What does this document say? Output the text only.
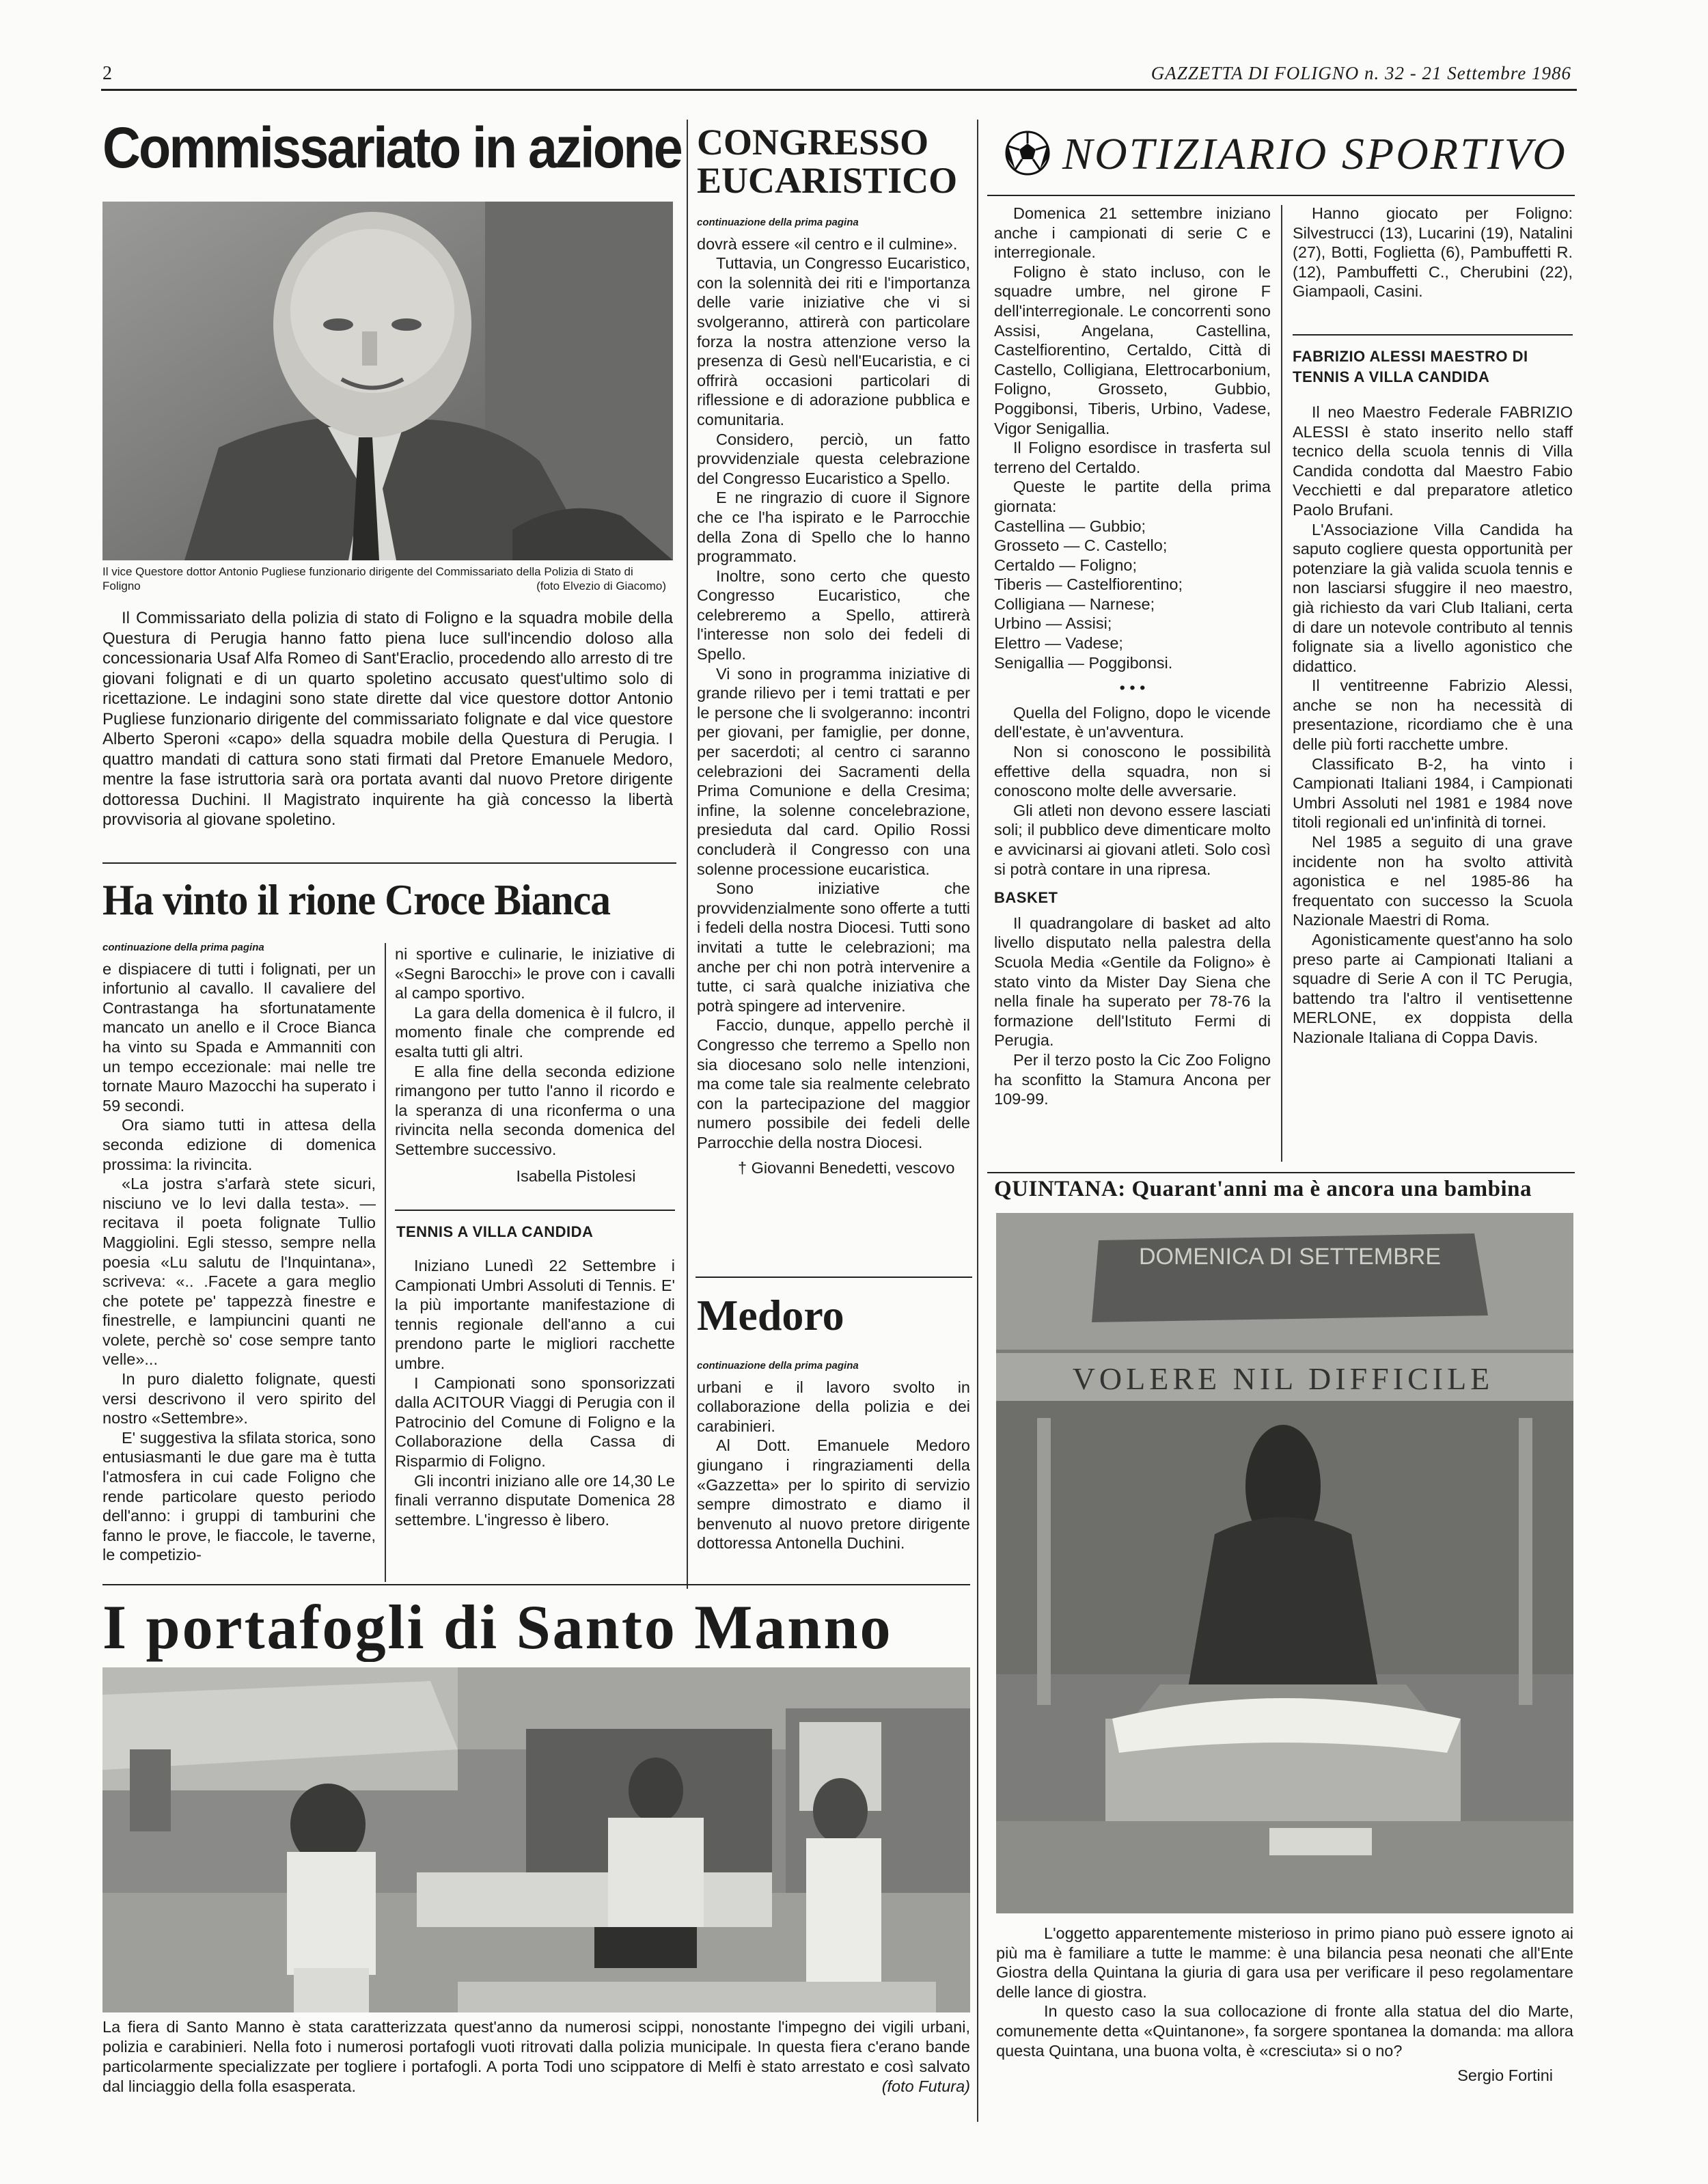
2	GAZZETTA DI FOLIGNO n. 32 - 21 Settembre 1986
Commissariato in azione
Il vice Questore dottor Antonio Pugliese funzionario dirigente del Commissariato della Polizia di Stato di Foligno	(foto Elvezio di Giacomo)

Il Commissariato della polizia di stato di Foligno e la squadra mobile della Questura di Perugia hanno fatto piena luce sull'incendio doloso alla concessionaria Usaf Alfa Romeo di Sant'Eraclio, procedendo allo arresto di tre giovani folignati e di un quarto spoletino accusato quest'ultimo solo di ricettazione. Le indagini sono state dirette dal vice questore dottor Antonio Pugliese funzionario dirigente del commissariato folignate e dal vice questore Alberto Speroni «capo» della squadra mobile della Questura di Perugia. I quattro mandati di cattura sono stati firmati dal Pretore Emanuele Medoro, mentre la fase istruttoria sarà ora portata avanti dal nuovo Pretore dirigente dottoressa Duchini. Il Magistrato inquirente ha già concesso la libertà provvisoria al giovane spoletino.

Ha vinto il rione Croce Bianca
continuazione della prima pagina

e dispiacere di tutti i folignati, per un infortunio al cavallo. Il cavaliere del Contrastanga ha sfortunatamente mancato un anello e il Croce Bianca ha vinto su Spada e Ammanniti con un tempo eccezionale: mai nelle tre tornate Mauro Mazocchi ha superato i 59 secondi.

Ora siamo tutti in attesa della seconda edizione di domenica prossima: la rivincita.

«La jostra s'arfarà stete sicuri, nisciuno ve lo levi dalla testa». — recitava il poeta folignate Tullio Maggiolini. Egli stesso, sempre nella poesia «Lu salutu de l'Inquintana», scriveva: «.. .Facete a gara meglio che potete pe' tappezzà finestre e finestrelle, e lampiuncini quanti ne volete, perchè so' cose sempre tanto velle»...

In puro dialetto folignate, questi versi descrivono il vero spirito del nostro «Settembre».

E' suggestiva la sfilata storica, sono entusiasmanti le due gare ma è tutta l'atmosfera in cui cade Foligno che rende particolare questo periodo dell'anno: i gruppi di tamburini che fanno le prove, le fiaccole, le taverne, le competizio-

ni sportive e culinarie, le iniziative di «Segni Barocchi» le prove con i cavalli al campo sportivo.

La gara della domenica è il fulcro, il momento finale che comprende ed esalta tutti gli altri.

E alla fine della seconda edizione rimangono per tutto l'anno il ricordo e la speranza di una riconferma o una rivincita nella seconda domenica del Settembre successivo.

Isabella Pistolesi

TENNIS A VILLA CANDIDA

Iniziano Lunedì 22 Settembre i Campionati Umbri Assoluti di Tennis. E' la più importante manifestazione di tennis regionale dell'anno a cui prendono parte le migliori racchette umbre.

I Campionati sono sponsorizzati dalla ACITOUR Viaggi di Perugia con il Patrocinio del Comune di Foligno e la Collaborazione della Cassa di Risparmio di Foligno.

Gli incontri iniziano alle ore 14,30 Le finali verranno disputate Domenica 28 settembre. L'ingresso è libero.

CONGRESSO
EUCARISTICO
continuazione della prima pagina

dovrà essere «il centro e il culmine».

Tuttavia, un Congresso Eucaristico, con la solennità dei riti e l'importanza delle varie iniziative che vi si svolgeranno, attirerà con particolare forza la nostra attenzione verso la presenza di Gesù nell'Eucaristia, e ci offrirà occasioni particolari di riflessione e di adorazione pubblica e comunitaria.

Considero, perciò, un fatto provvidenziale questa celebrazione del Congresso Eucaristico a Spello.

E ne ringrazio di cuore il Signore che ce l'ha ispirato e le Parrocchie della Zona di Spello che lo hanno programmato.

Inoltre, sono certo che questo Congresso Eucaristico, che celebreremo a Spello, attirerà l'interesse non solo dei fedeli di Spello.

Vi sono in programma iniziative di grande rilievo per i temi trattati e per le persone che li svolgeranno: incontri per giovani, per famiglie, per donne, per sacerdoti; al centro ci saranno celebrazioni dei Sacramenti della Prima Comunione e della Cresima; infine, la solenne concelebrazione, presieduta dal card. Opilio Rossi concluderà il Congresso con una solenne processione eucaristica.

Sono iniziative che provvidenzialmente sono offerte a tutti i fedeli della nostra Diocesi. Tutti sono invitati a tutte le celebrazioni; ma anche per chi non potrà intervenire a tutte, ci sarà qualche iniziativa che potrà spingere ad intervenire.

Faccio, dunque, appello perchè il Congresso che terremo a Spello non sia diocesano solo nelle intenzioni, ma come tale sia realmente celebrato con la partecipazione del maggior numero possibile dei fedeli delle Parrocchie della nostra Diocesi.

† Giovanni Benedetti, vescovo

Medoro
continuazione della prima pagina

urbani e il lavoro svolto in collaborazione della polizia e dei carabinieri.

Al Dott. Emanuele Medoro giungano i ringraziamenti della «Gazzetta» per lo spirito di servizio sempre dimostrato e diamo il benvenuto al nuovo pretore dirigente dottoressa Antonella Duchini.

I portafogli di Santo Manno

La fiera di Santo Manno è stata caratterizzata quest'anno da numerosi scippi, nonostante l'impegno dei vigili urbani, polizia e carabinieri. Nella foto i numerosi portafogli vuoti ritrovati dalla polizia municipale. In questa fiera c'erano bande particolarmente specializzate per togliere i portafogli. A porta Todi uno scippatore di Melfi è stato arrestato e così salvato dal linciaggio della folla esasperata.	(foto Futura)

NOTIZIARIO SPORTIVO

Domenica 21 settembre iniziano anche i campionati di serie C e interregionale.

Foligno è stato incluso, con le squadre umbre, nel girone F dell'interregionale. Le concorrenti sono Assisi, Angelana, Castellina, Castelfiorentino, Certaldo, Città di Castello, Colligiana, Elettrocarbonium, Foligno, Grosseto, Gubbio, Poggibonsi, Tiberis, Urbino, Vadese, Vigor Senigallia.

Il Foligno esordisce in trasferta sul terreno del Certaldo.

Queste le partite della prima giornata:

Castellina — Gubbio;
Grosseto — C. Castello;
Certaldo — Foligno;
Tiberis — Castelfiorentino;
Colligiana — Narnese;
Urbino — Assisi;
Elettro — Vadese;
Senigallia — Poggibonsi.
• • •

Quella del Foligno, dopo le vicende dell'estate, è un'avventura.

Non si conoscono le possibilità effettive della squadra, non si conoscono molte delle avversarie.

Gli atleti non devono essere lasciati soli; il pubblico deve dimenticare molto e avvicinarsi ai giovani atleti. Solo così si potrà contare in una ripresa.

BASKET

Il quadrangolare di basket ad alto livello disputato nella palestra della Scuola Media «Gentile da Foligno» è stato vinto da Mister Day Siena che nella finale ha superato per 78-76 la formazione dell'Istituto Fermi di Perugia.

Per il terzo posto la Cic Zoo Foligno ha sconfitto la Stamura Ancona per 109-99.

Hanno giocato per Foligno: Silvestrucci (13), Lucarini (19), Natalini (27), Botti, Foglietta (6), Pambuffetti R. (12), Pambuffetti C., Cherubini (22), Giampaoli, Casini.

FABRIZIO ALESSI MAESTRO DI TENNIS A VILLA CANDIDA

Il neo Maestro Federale FABRIZIO ALESSI è stato inserito nello staff tecnico della scuola tennis di Villa Candida condotta dal Maestro Fabio Vecchietti e dal preparatore atletico Paolo Brufani.

L'Associazione Villa Candida ha saputo cogliere questa opportunità per potenziare la già valida scuola tennis e non lasciarsi sfuggire il neo maestro, già richiesto da vari Club Italiani, certa di dare un notevole contributo al tennis folignate sia a livello agonistico che didattico.

Il ventitreenne Fabrizio Alessi, anche se non ha necessità di presentazione, ricordiamo che è una delle più forti racchette umbre.

Classificato B-2, ha vinto i Campionati Italiani 1984, i Campionati Umbri Assoluti nel 1981 e 1984 nove titoli regionali ed un'infinità di tornei.

Nel 1985 a seguito di una grave incidente non ha svolto attività agonistica e nel 1985-86 ha frequentato con successo la Scuola Nazionale Maestri di Roma.

Agonisticamente quest'anno ha solo preso parte ai Campionati Italiani a squadre di Serie A con il TC Perugia, battendo tra l'altro il ventisettenne MERLONE, ex doppista della Nazionale Italiana di Coppa Davis.

QUINTANA: Quarant'anni ma è ancora una bambina
DOMENICA DI SETTEMBRE
VOLERE NIL DIFFICILE

L'oggetto apparentemente misterioso in primo piano può essere ignoto ai più ma è familiare a tutte le mamme: è una bilancia pesa neonati che all'Ente Giostra della Quintana la giuria di gara usa per verificare il peso regolamentare delle lance di giostra.

In questo caso la sua collocazione di fronte alla statua del dio Marte, comunemente detta «Quintanone», fa sorgere spontanea la domanda: ma allora questa Quintana, una buona volta, è «cresciuta» si o no?

Sergio Fortini
